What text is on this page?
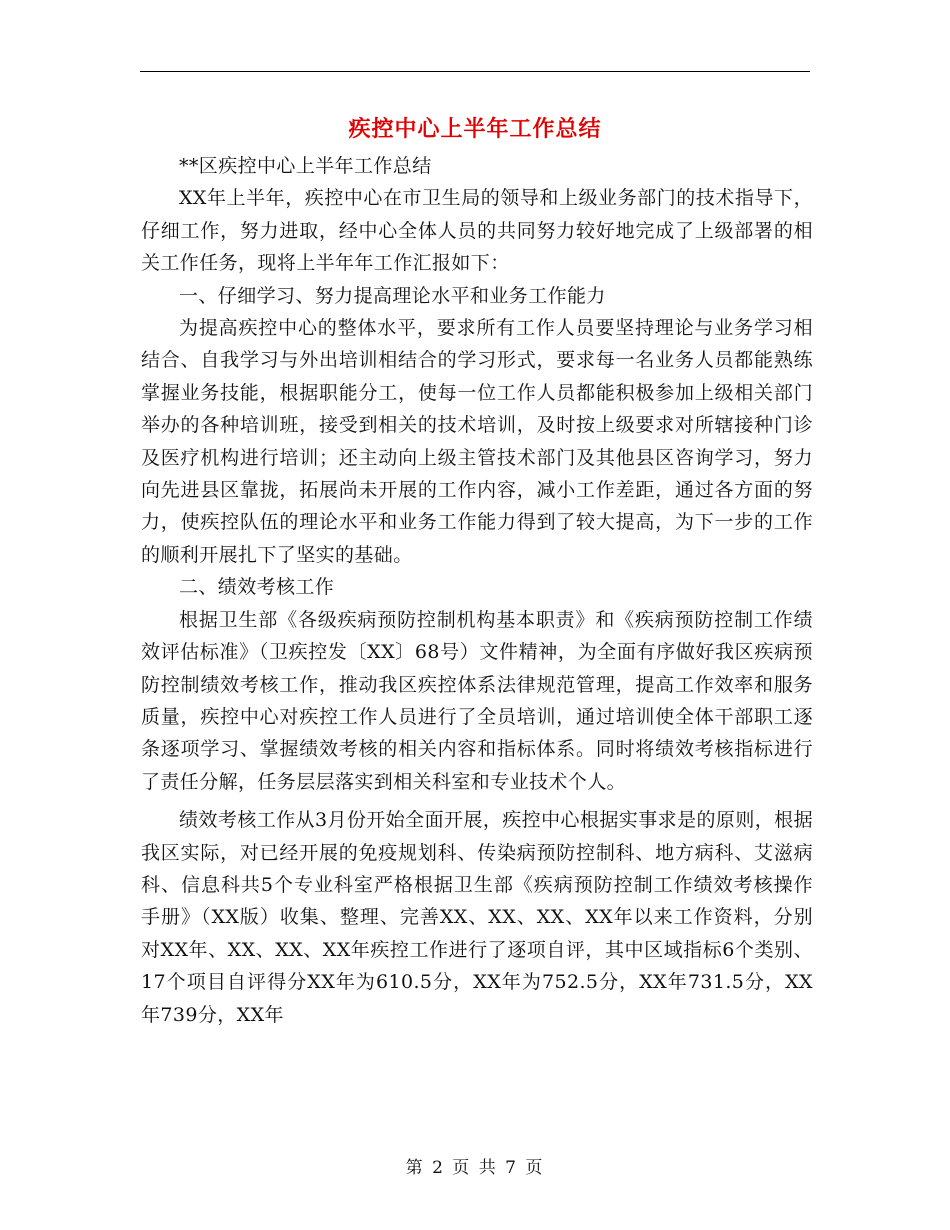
疾控中心上半年工作总结

**区疾控中心上半年工作总结

XX年上半年，疾控中心在市卫生局的领导和上级业务部门的技术指导下，仔细工作，努力进取，经中心全体人员的共同努力较好地完成了上级部署的相关工作任务，现将上半年年工作汇报如下：

一、仔细学习、努力提高理论水平和业务工作能力

为提高疾控中心的整体水平，要求所有工作人员要坚持理论与业务学习相结合、自我学习与外出培训相结合的学习形式，要求每一名业务人员都能熟练掌握业务技能，根据职能分工，使每一位工作人员都能积极参加上级相关部门举办的各种培训班，接受到相关的技术培训，及时按上级要求对所辖接种门诊及医疗机构进行培训；还主动向上级主管技术部门及其他县区咨询学习，努力向先进县区靠拢，拓展尚未开展的工作内容，减小工作差距，通过各方面的努力，使疾控队伍的理论水平和业务工作能力得到了较大提高，为下一步的工作的顺利开展扎下了坚实的基础。

二、绩效考核工作

根据卫生部《各级疾病预防控制机构基本职责》和《疾病预防控制工作绩效评估标准》（卫疾控发〔XX〕68号）文件精神，为全面有序做好我区疾病预防控制绩效考核工作，推动我区疾控体系法律规范管理，提高工作效率和服务质量，疾控中心对疾控工作人员进行了全员培训，通过培训使全体干部职工逐条逐项学习、掌握绩效考核的相关内容和指标体系。同时将绩效考核指标进行了责任分解，任务层层落实到相关科室和专业技术个人。

绩效考核工作从3月份开始全面开展，疾控中心根据实事求是的原则，根据我区实际，对已经开展的免疫规划科、传染病预防控制科、地方病科、艾滋病科、信息科共5个专业科室严格根据卫生部《疾病预防控制工作绩效考核操作手册》（XX版）收集、整理、完善XX、XX、XX、XX年以来工作资料，分别对XX年、XX、XX、XX年疾控工作进行了逐项自评，其中区域指标6个类别、17个项目自评得分XX年为610.5分，XX年为752.5分，XX年731.5分，XX年739分，XX年

第 2 页 共 7 页
